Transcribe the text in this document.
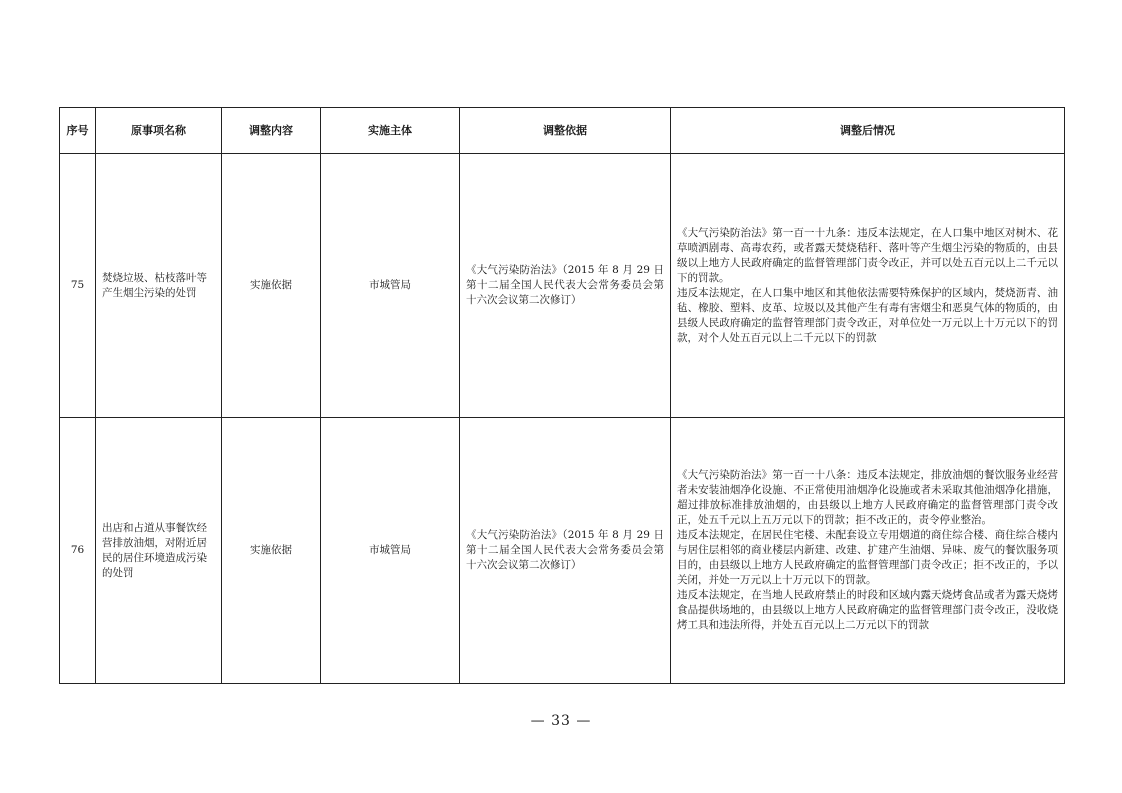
序号	原事项名称	调整内容	实施主体	调整依据	调整后情况
75	焚烧垃圾、枯枝落叶等产生烟尘污染的处罚	实施依据	市城管局	《大气污染防治法》（2015 年 8 月 29 日第十二届全国人民代表大会常务委员会第十六次会议第二次修订）	《大气污染防治法》第一百一十九条：违反本法规定，在人口集中地区对树木、花草喷洒剧毒、高毒农药，或者露天焚烧秸秆、落叶等产生烟尘污染的物质的，由县级以上地方人民政府确定的监督管理部门责令改正，并可以处五百元以上二千元以下的罚款。
违反本法规定，在人口集中地区和其他依法需要特殊保护的区域内，焚烧沥青、油毡、橡胶、塑料、皮革、垃圾以及其他产生有毒有害烟尘和恶臭气体的物质的，由县级人民政府确定的监督管理部门责令改正，对单位处一万元以上十万元以下的罚款，对个人处五百元以上二千元以下的罚款

76	出店和占道从事餐饮经营排放油烟，对附近居民的居住环境造成污染的处罚	实施依据	市城管局	《大气污染防治法》（2015 年 8 月 29 日第十二届全国人民代表大会常务委员会第十六次会议第二次修订）	《大气污染防治法》第一百一十八条：违反本法规定，排放油烟的餐饮服务业经营者未安装油烟净化设施、不正常使用油烟净化设施或者未采取其他油烟净化措施，超过排放标准排放油烟的，由县级以上地方人民政府确定的监督管理部门责令改正，处五千元以上五万元以下的罚款；拒不改正的，责令停业整治。
违反本法规定，在居民住宅楼、未配套设立专用烟道的商住综合楼、商住综合楼内与居住层相邻的商业楼层内新建、改建、扩建产生油烟、异味、废气的餐饮服务项目的，由县级以上地方人民政府确定的监督管理部门责令改正；拒不改正的，予以关闭，并处一万元以上十万元以下的罚款。
违反本法规定，在当地人民政府禁止的时段和区域内露天烧烤食品或者为露天烧烤食品提供场地的，由县级以上地方人民政府确定的监督管理部门责令改正，没收烧烤工具和违法所得，并处五百元以上二万元以下的罚款
— 33 —
